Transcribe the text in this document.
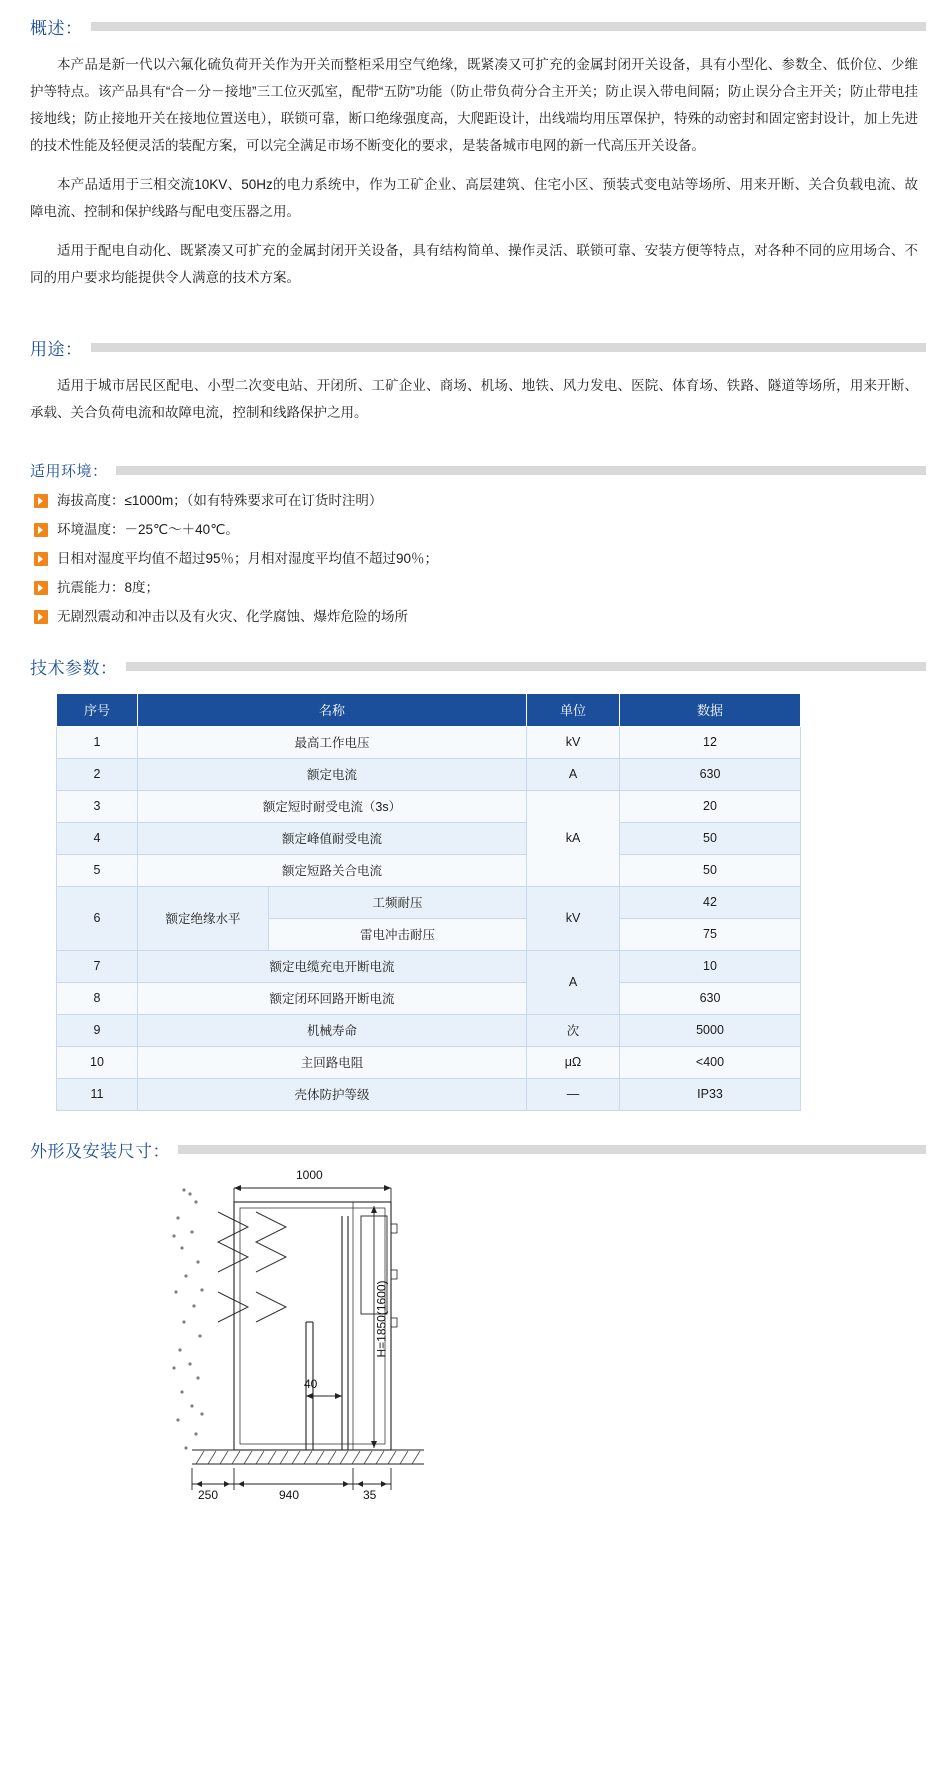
概述：

本产品是新一代以六氟化硫负荷开关作为开关而整柜采用空气绝缘，既紧凑又可扩充的金属封闭开关设备，具有小型化、参数全、低价位、少维护等特点。该产品具有“合－分－接地”三工位灭弧室，配带“五防”功能（防止带负荷分合主开关；防止误入带电间隔；防止误分合主开关；防止带电挂接地线；防止接地开关在接地位置送电），联锁可靠，断口绝缘强度高，大爬距设计，出线端均用压罩保护，特殊的动密封和固定密封设计，加上先进的技术性能及轻便灵活的装配方案，可以完全满足市场不断变化的要求，是装备城市电网的新一代高压开关设备。

本产品适用于三相交流10KV、50Hz的电力系统中，作为工矿企业、高层建筑、住宅小区、预装式变电站等场所、用来开断、关合负载电流、故障电流、控制和保护线路与配电变压器之用。

适用于配电自动化、既紧凑又可扩充的金属封闭开关设备，具有结构简单、操作灵活、联锁可靠、安装方便等特点，对各种不同的应用场合、不同的用户要求均能提供令人满意的技术方案。

用途：

适用于城市居民区配电、小型二次变电站、开闭所、工矿企业、商场、机场、地铁、风力发电、医院、体育场、铁路、隧道等场所，用来开断、承载、关合负荷电流和故障电流，控制和线路保护之用。

适用环境：
海拔高度：≤1000m；（如有特殊要求可在订货时注明）
环境温度：－25℃～＋40℃。
日相对湿度平均值不超过95％；月相对湿度平均值不超过90％；
抗震能力：8度；
无剧烈震动和冲击以及有火灾、化学腐蚀、爆炸危险的场所
技术参数：
序号	名称		单位	数据
1	最高工作电压		kV	12
2	额定电流		A	630
3	额定短时耐受电流（3s）		kA	20
4	额定峰值耐受电流			50
5	额定短路关合电流			50
6	额定绝缘水平	工频耐压	kV	42
		雷电冲击耐压		75
7	额定电缆充电开断电流		A	10
8	额定闭环回路开断电流			630
9	机械寿命		次	5000
10	主回路电阻		μΩ	<400
11	壳体防护等级		—	IP33
外形及安装尺寸：
1000
H=1850(1600)
40
250	940	35
